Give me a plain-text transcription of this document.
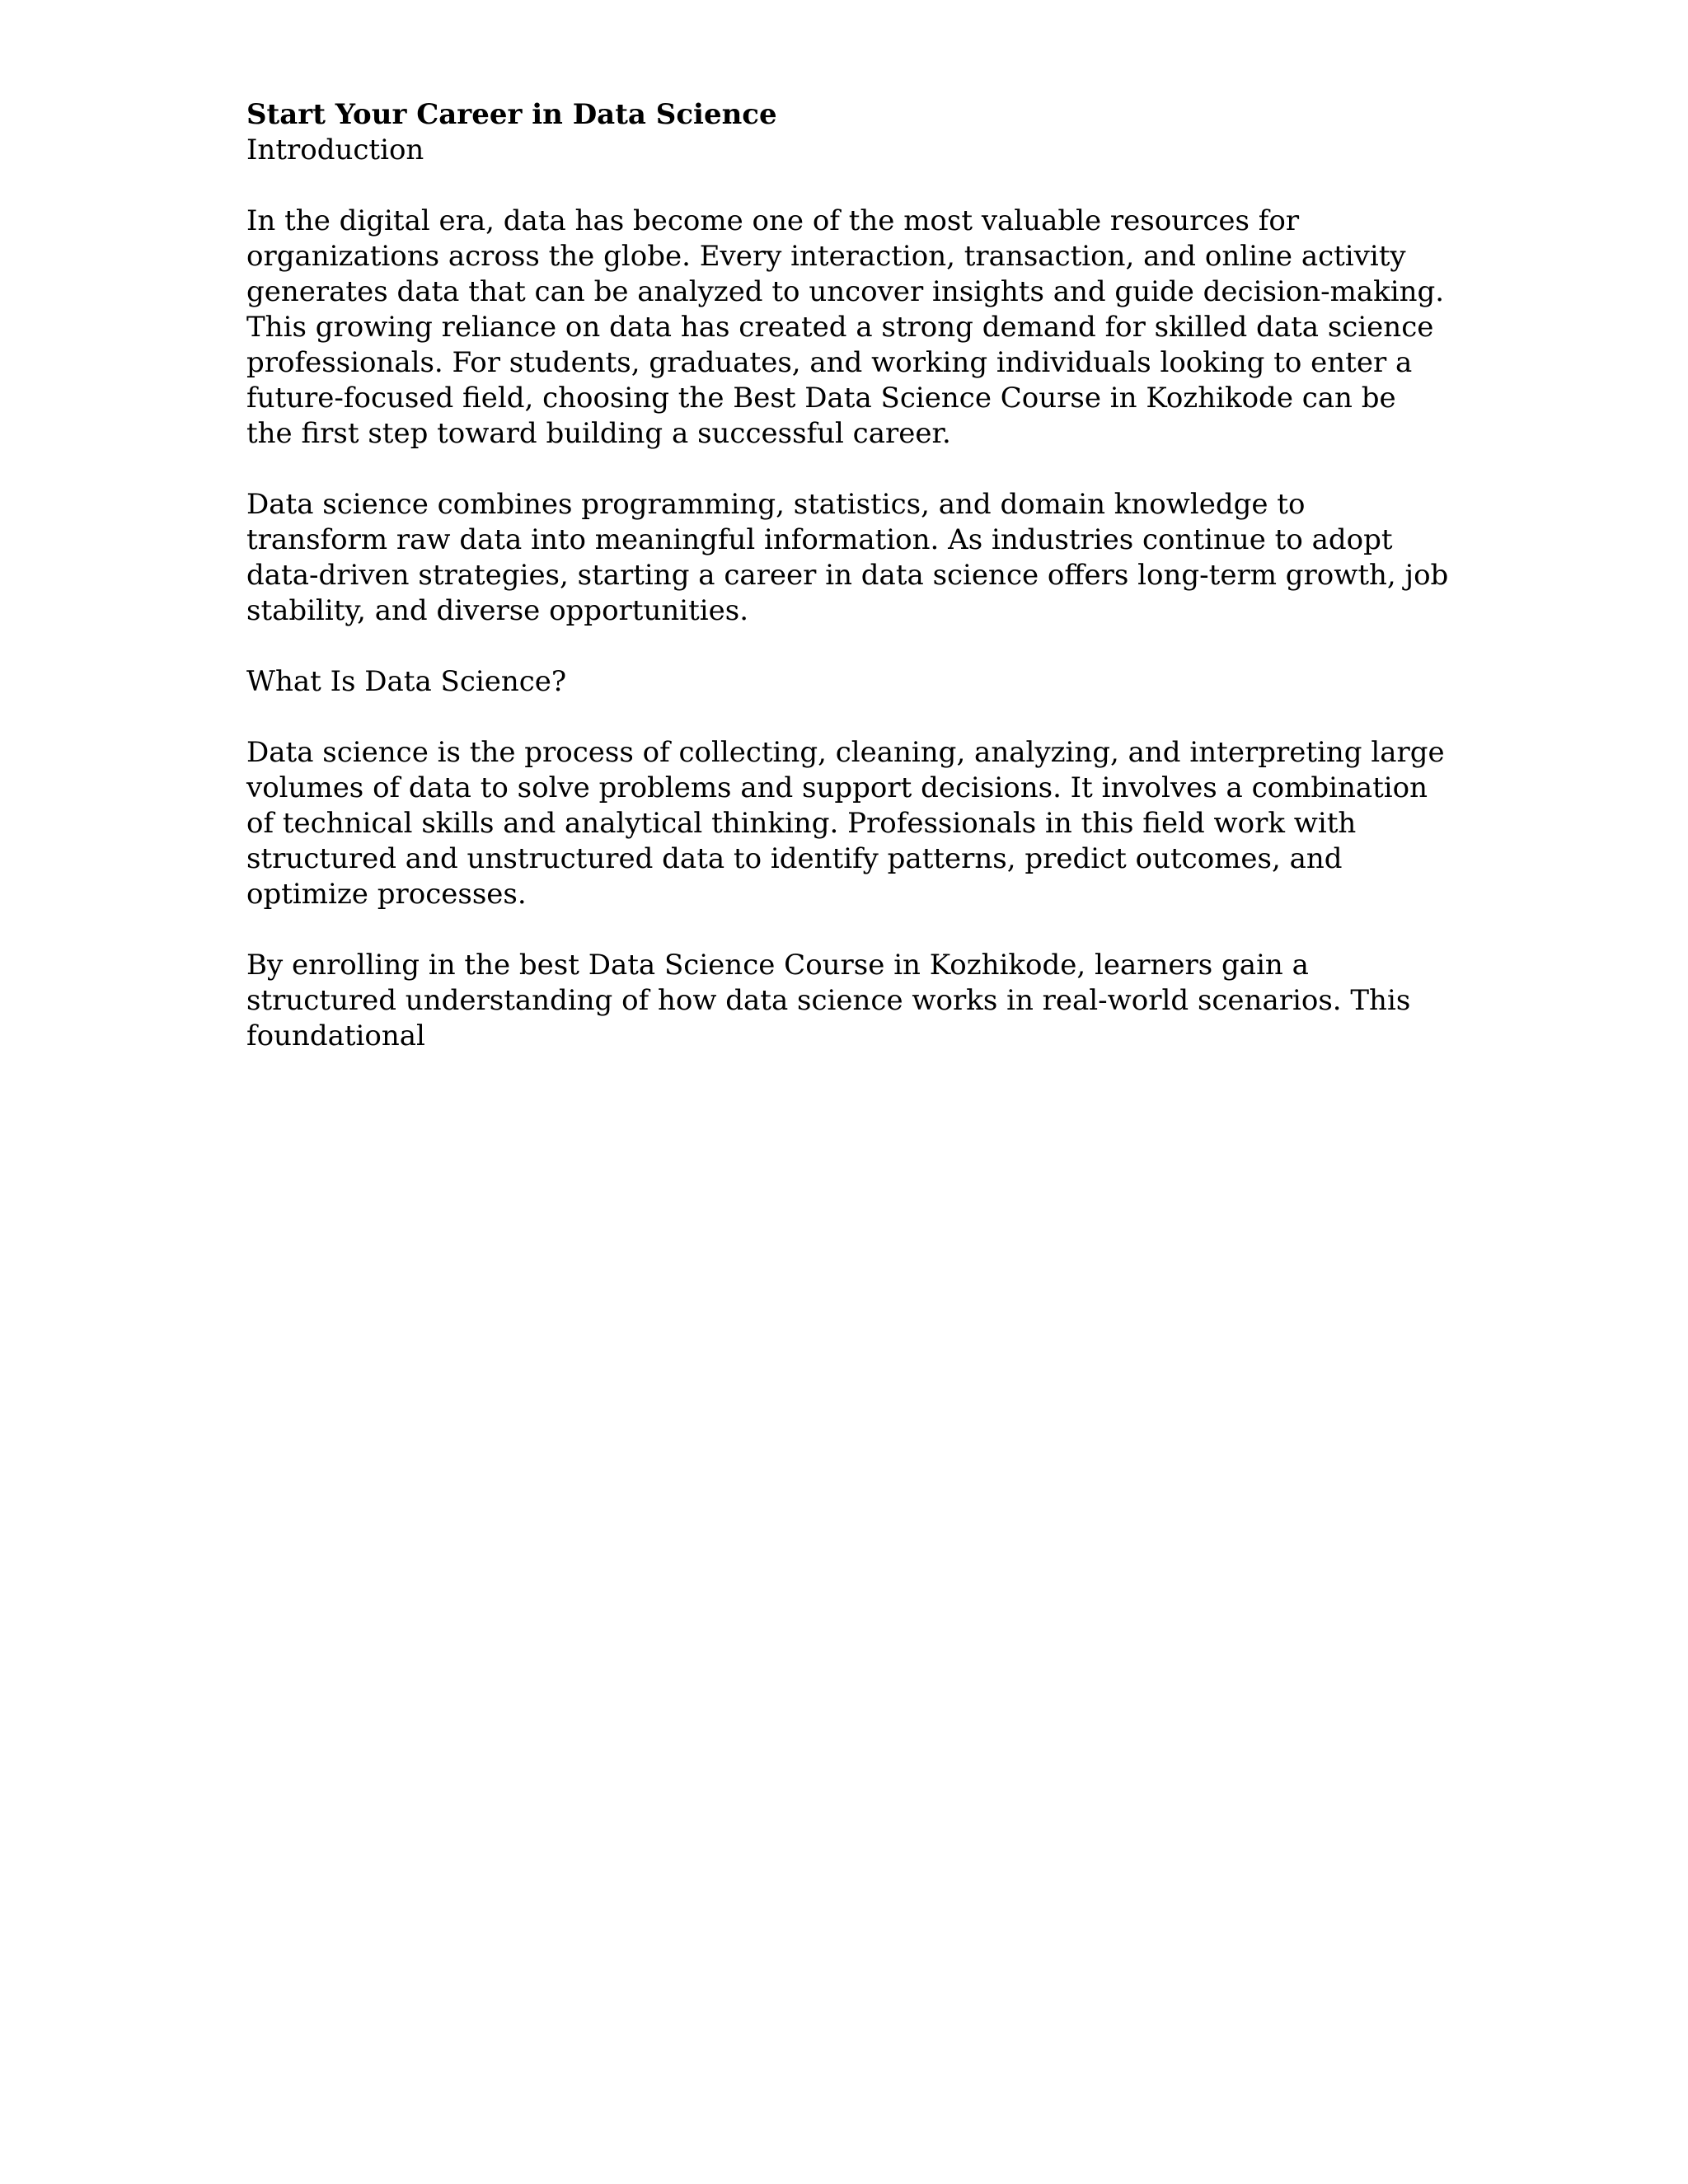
Start Your Career in Data Science
Introduction

In the digital era, data has become one of the most valuable resources for organizations across the globe. Every interaction, transaction, and online activity generates data that can be analyzed to uncover insights and guide decision-making. This growing reliance on data has created a strong demand for skilled data science professionals. For students, graduates, and working individuals looking to enter a future-focused field, choosing the Best Data Science Course in Kozhikode can be the first step toward building a successful career.

Data science combines programming, statistics, and domain knowledge to transform raw data into meaningful information. As industries continue to adopt data-driven strategies, starting a career in data science offers long-term growth, job stability, and diverse opportunities.

What Is Data Science?

Data science is the process of collecting, cleaning, analyzing, and interpreting large volumes of data to solve problems and support decisions. It involves a combination of technical skills and analytical thinking. Professionals in this field work with structured and unstructured data to identify patterns, predict outcomes, and optimize processes.

By enrolling in the best Data Science Course in Kozhikode, learners gain a structured understanding of how data science works in real-world scenarios. This foundational
